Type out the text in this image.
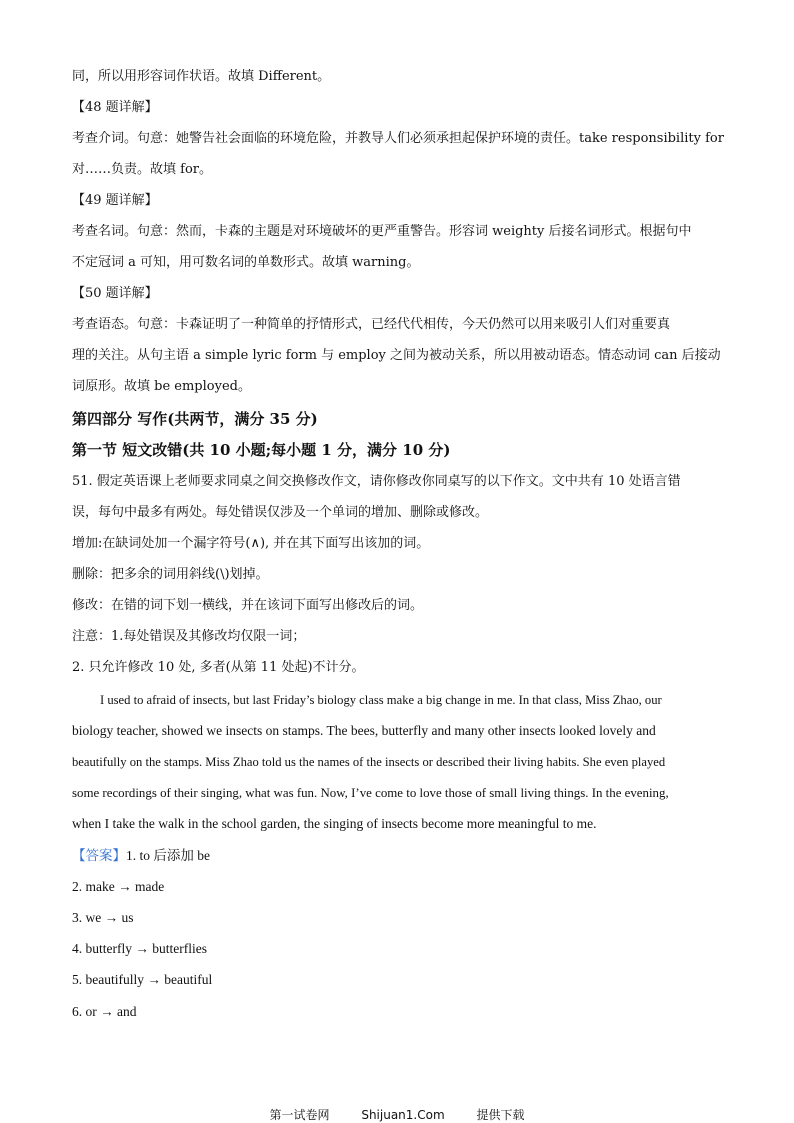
同，所以用形容词作状语。故填 Different。
【48 题详解】
考查介词。句意：她警告社会面临的环境危险，并教导人们必须承担起保护环境的责任。take responsibility for
对……负责。故填 for。
【49 题详解】
考查名词。句意：然而，卡森的主题是对环境破坏的更严重警告。形容词 weighty 后接名词形式。根据句中
不定冠词 a 可知，用可数名词的单数形式。故填 warning。
【50 题详解】
考查语态。句意：卡森证明了一种简单的抒情形式，已经代代相传，今天仍然可以用来吸引人们对重要真
理的关注。从句主语 a simple lyric form 与 employ 之间为被动关系，所以用被动语态。情态动词 can 后接动
词原形。故填 be employed。
第四部分 写作(共两节，满分 35 分)
第一节 短文改错(共 10 小题;每小题 1 分，满分 10 分)
51. 假定英语课上老师要求同桌之间交换修改作文，请你修改你同桌写的以下作文。文中共有 10 处语言错
误，每句中最多有两处。每处错误仅涉及一个单词的增加、删除或修改。
增加:在缺词处加一个漏字符号(∧), 并在其下面写出该加的词。
删除：把多余的词用斜线(\)划掉。
修改：在错的词下划一横线，并在该词下面写出修改后的词。
注意：1.每处错误及其修改均仅限一词；
2. 只允许修改 10 处, 多者(从第 11 处起)不计分。
I used to afraid of insects, but last Friday’s biology class make a big change in me. In that class, Miss Zhao, our
biology teacher, showed we insects on stamps. The bees, butterfly and many other insects looked lovely and
beautifully on the stamps. Miss Zhao told us the names of the insects or described their living habits. She even played
some recordings of their singing, what was fun. Now, I’ve come to love those of small living things. In the evening,
when I take the walk in the school garden, the singing of insects become more meaningful to me.
【答案】1. to 后添加 be
2. make → made
3. we → us
4. butterfly → butterflies
5. beautifully → beautiful
6. or → and
第一试卷网	Shijuan1.Com	提供下载
